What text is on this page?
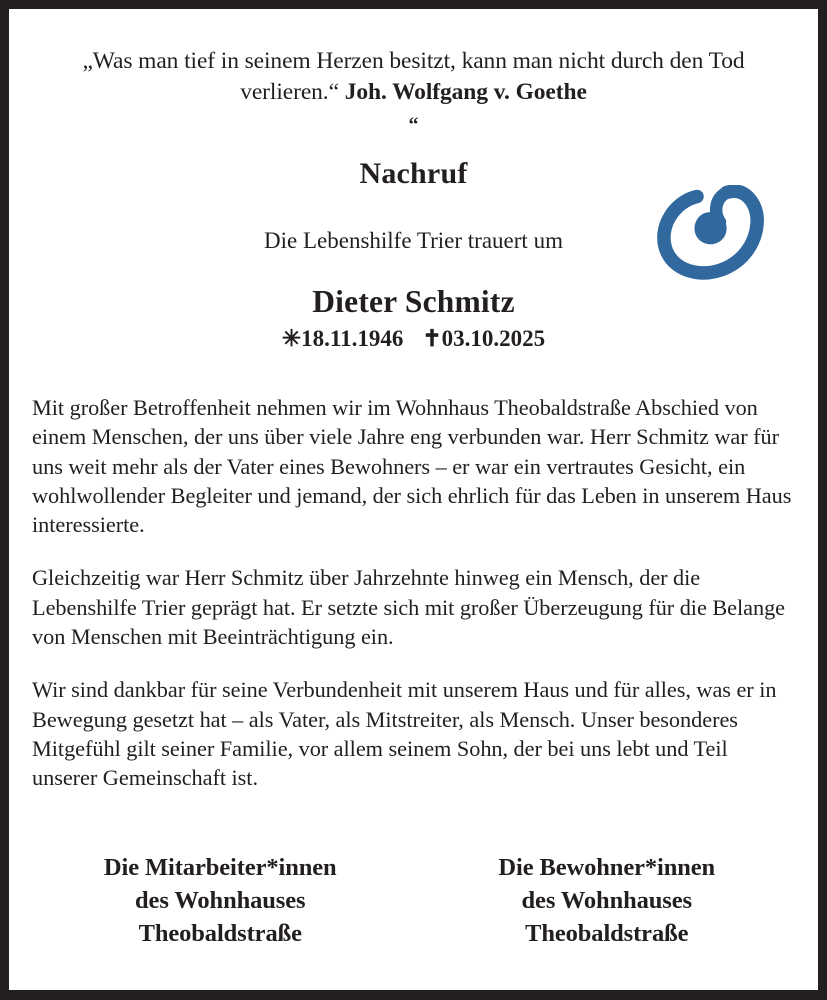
„Was man tief in seinem Herzen besitzt, kann man nicht durch den Tod verlieren.“ Joh. Wolfgang v. Goethe
“
Nachruf
Die Lebenshilfe Trier trauert um
Dieter Schmitz
✳18.11.1946 ✝03.10.2025

Mit großer Betroffenheit nehmen wir im Wohnhaus Theobaldstraße Abschied von einem Menschen, der uns über viele Jahre eng verbunden war. Herr Schmitz war für uns weit mehr als der Vater eines Bewohners – er war ein vertrautes Gesicht, ein wohlwollender Begleiter und jemand, der sich ehrlich für das Leben in unserem Haus interessierte.

Gleichzeitig war Herr Schmitz über Jahrzehnte hinweg ein Mensch, der die Lebenshilfe Trier geprägt hat. Er setzte sich mit großer Überzeugung für die Belange von Menschen mit Beeinträchtigung ein.

Wir sind dankbar für seine Verbundenheit mit unserem Haus und für alles, was er in Bewegung gesetzt hat – als Vater, als Mitstreiter, als Mensch. Unser besonderes Mitgefühl gilt seiner Familie, vor allem seinem Sohn, der bei uns lebt und Teil unserer Gemeinschaft ist.

Die Mitarbeiter*innen
des Wohnhauses
Theobaldstraße
Die Bewohner*innen
des Wohnhauses
Theobaldstraße
